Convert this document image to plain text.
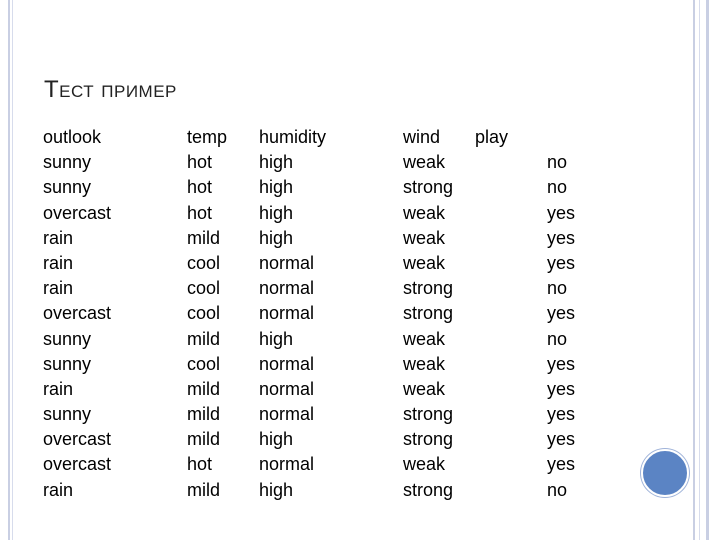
Тест пример
outlook
sunny
sunny
overcast
rain
rain
rain
overcast
sunny
sunny
rain
sunny
overcast
overcast
rain
temp
hot
hot
hot
mild
cool
cool
cool
mild
cool
mild
mild
mild
hot
mild
humidity
high
high
high
high
normal
normal
normal
high
normal
normal
normal
high
normal
high
wind
weak
strong
weak
weak
weak
strong
strong
weak
weak
weak
strong
strong
weak
strong
play
no
no
yes
yes
yes
no
yes
no
yes
yes
yes
yes
yes
no
